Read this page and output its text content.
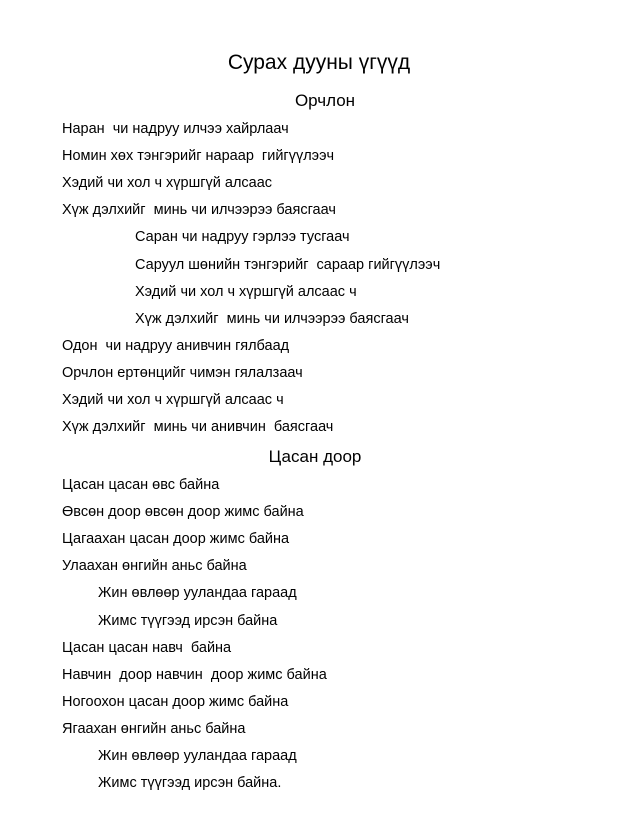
Сурах дууны үгүүд
Орчлон
Цасан доор
Наран  чи надруу илчээ хайрлаач
Номин хөх тэнгэрийг нараар  гийгүүлээч
Хэдий чи хол ч хүршгүй алсаас
Хүж дэлхийг  минь чи илчээрээ баясгаач
Саран чи надруу гэрлээ тусгаач
Саруул шөнийн тэнгэрийг  сараар гийгүүлээч
Хэдий чи хол ч хүршгүй алсаас ч
Хүж дэлхийг  минь чи илчээрээ баясгаач
Одон  чи надруу анивчин гялбаад
Орчлон ертөнцийг чимэн гялалзаач
Хэдий чи хол ч хүршгүй алсаас ч
Хүж дэлхийг  минь чи анивчин  баясгаач
Цасан цасан өвс байна
Өвсөн доор өвсөн доор жимс байна
Цагаахан цасан доор жимс байна
Улаахан өнгийн аньс байна
Жин өвлөөр ууландаа гараад
Жимс түүгээд ирсэн байна
Цасан цасан навч  байна
Навчин  доор навчин  доор жимс байна
Ногоохон цасан доор жимс байна
Ягаахан өнгийн аньс байна
Жин өвлөөр ууландаа гараад
Жимс түүгээд ирсэн байна.
